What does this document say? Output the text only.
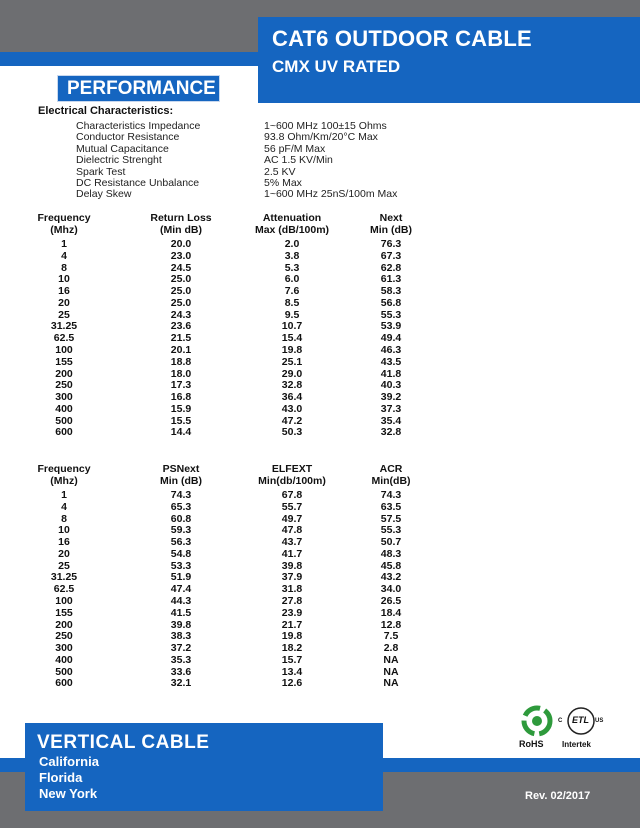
CAT6 OUTDOOR CABLE
CMX UV RATED
PERFORMANCE
Electrical Characteristics:
Characteristics Impedance	1~600 MHz 100±15 Ohms
Conductor Resistance	93.8 Ohm/Km/20°C Max
Mutual Capacitance	56 pF/M Max
Dielectric Strenght	AC 1.5 KV/Min
Spark Test	2.5 KV
DC Resistance Unbalance	5% Max
Delay Skew	1~600 MHz 25nS/100m Max
Frequency
(Mhz)
Return Loss
(Min dB)
Attenuation
Max (dB/100m)
Next
Min (dB)
1	20.0	2.0	76.3
4	23.0	3.8	67.3
8	24.5	5.3	62.8
10	25.0	6.0	61.3
16	25.0	7.6	58.3
20	25.0	8.5	56.8
25	24.3	9.5	55.3
31.25	23.6	10.7	53.9
62.5	21.5	15.4	49.4
100	20.1	19.8	46.3
155	18.8	25.1	43.5
200	18.0	29.0	41.8
250	17.3	32.8	40.3
300	16.8	36.4	39.2
400	15.9	43.0	37.3
500	15.5	47.2	35.4
600	14.4	50.3	32.8
Frequency
(Mhz)
PSNext
Min (dB)
ELFEXT
Min(db/100m)
ACR
Min(dB)
1	74.3	67.8	74.3
4	65.3	55.7	63.5
8	60.8	49.7	57.5
10	59.3	47.8	55.3
16	56.3	43.7	50.7
20	54.8	41.7	48.3
25	53.3	39.8	45.8
31.25	51.9	37.9	43.2
62.5	47.4	31.8	34.0
100	44.3	27.8	26.5
155	41.5	23.9	18.4
200	39.8	21.7	12.8
250	38.3	19.8	7.5
300	37.2	18.2	2.8
400	35.3	15.7	NA
500	33.6	13.4	NA
600	32.1	12.6	NA
RoHS
ETL
C	US
Intertek
VERTICAL CABLE
California
Florida
New York	Rev. 02/2017
